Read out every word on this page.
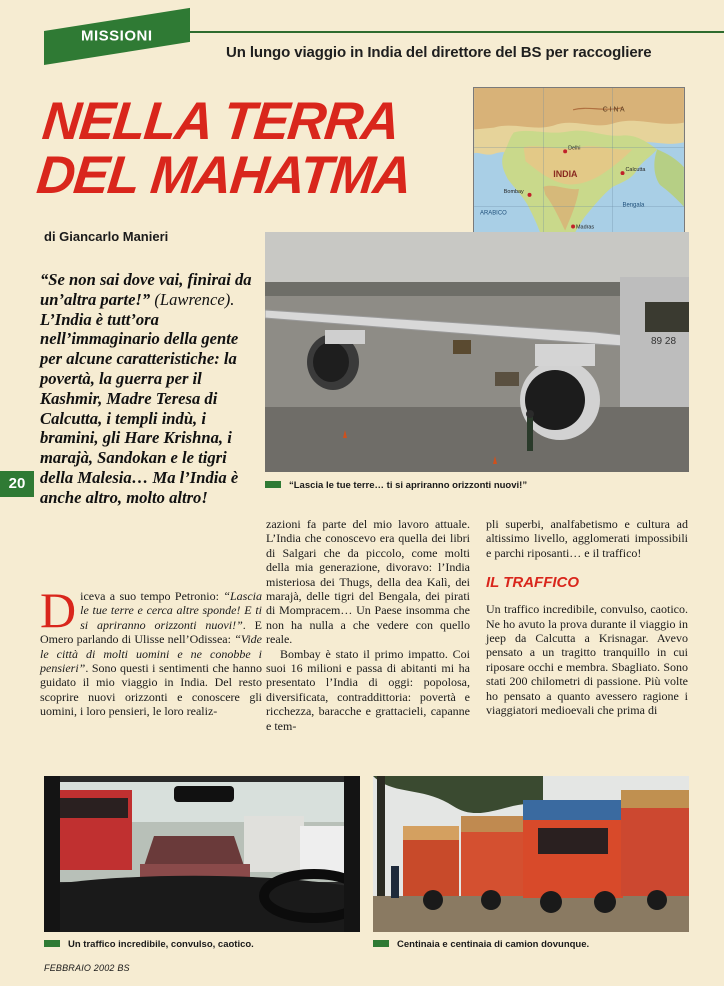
MISSIONI
Un lungo viaggio in India del direttore del BS per raccogliere
NELLA TERRA
DEL MAHATMA
di Giancarlo Manieri
“Se non sai dove vai, finirai da un’altra parte!” (Lawrence). L’India è tutt’ora nell’immaginario della gente per alcune caratteristiche: la povertà, la guerra per il Kashmir, Madre Teresa di Calcutta, i templi indù, i bramini, gli Hare Krishna, i marajà, Sandokan e le tigri della Malesia… Ma l’India è anche altro, molto altro!
20
C I N A
INDIA
ARABICO
Bengala
Calcutta
Bombay
Delhi
Madras
89 28
“Lascia le tue terre… ti si apriranno orizzonti nuovi!”

Diceva a suo tempo Petronio: “Lascia le tue terre e cerca altre sponde! E ti si apriranno orizzonti nuovi!”. E Omero parlando di Ulisse nell’Odissea: “Vide le città di molti uomini e ne conobbe i pensieri”. Sono questi i sentimenti che hanno guidato il mio viaggio in India. Del resto scoprire nuovi orizzonti e conoscere gli uomini, i loro pensieri, le loro realiz-

zazioni fa parte del mio lavoro attuale. L’India che conoscevo era quella dei libri di Salgari che da piccolo, come molti della mia generazione, divoravo: l’India misteriosa dei Thugs, della dea Kalì, dei marajà, delle tigri del Bengala, dei pirati di Mompracem… Un Paese insomma che non ha nulla a che vedere con quello reale.

Bombay è stato il primo impatto. Coi suoi 16 milioni e passa di abitanti mi ha presentato l’India di oggi: popolosa, diversificata, contraddittoria: povertà e ricchezza, baracche e grattacieli, capanne e tem-

pli superbi, analfabetismo e cultura ad altissimo livello, agglomerati impossibili e parchi riposanti… e il traffico!

IL TRAFFICO

Un traffico incredibile, convulso, caotico. Ne ho avuto la prova durante il viaggio in jeep da Calcutta a Krisnagar. Avevo pensato a un tragitto tranquillo in cui riposare occhi e membra. Sbagliato. Sono stati 200 chilometri di passione. Più volte ho pensato a quanto avessero ragione i viaggiatori medioevali che prima di

Un traffico incredibile, convulso, caotico.	Centinaia e centinaia di camion dovunque.
FEBBRAIO 2002 BS
